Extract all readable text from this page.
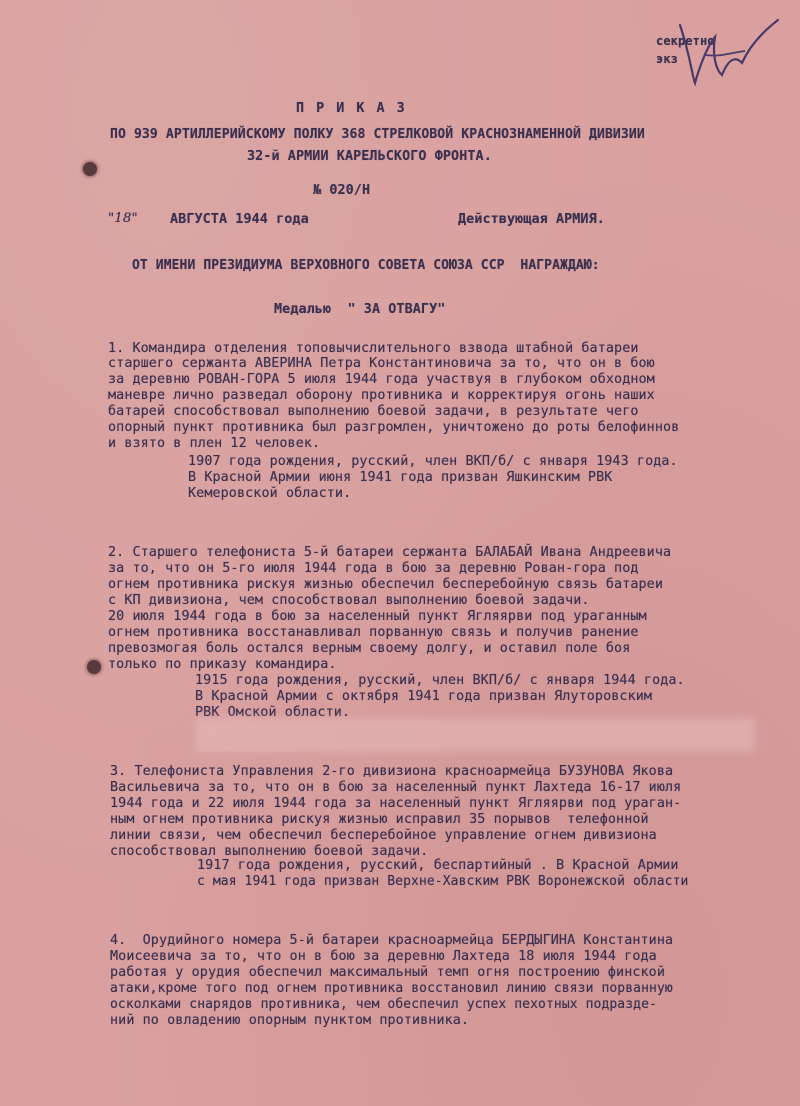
секретно
экз
П Р И К А З
ПО 939 АРТИЛЛЕРИЙСКОМУ ПОЛКУ 368 СТРЕЛКОВОЙ КРАСНОЗНАМЕННОЙ ДИВИЗИИ
32-й АРМИИ КАРЕЛЬСКОГО ФРОНТА.
№ 020/Н
"18" АВГУСТА 1944 года	Действующая АРМИЯ.
ОТ ИМЕНИ ПРЕЗИДИУМА ВЕРХОВНОГО СОВЕТА СОЮЗА ССР  НАГРАЖДАЮ:
Медалью  " ЗА ОТВАГУ"
1. Командира отделения топовычислительного взвода штабной батареи
старшего сержанта АВЕРИНА Петра Константиновича за то, что он в бою
за деревню РОВАН-ГОРА 5 июля 1944 года участвуя в глубоком обходном
маневре лично разведал оборону противника и корректируя огонь наших
батарей способствовал выполнению боевой задачи, в результате чего
опорный пункт противника был разгромлен, уничтожено до роты белофиннов
и взято в плен 12 человек.
1907 года рождения, русский, член ВКП/б/ с января 1943 года.
В Красной Армии июня 1941 года призван Яшкинским РВК
Кемеровской области.
2. Старшего телефониста 5-й батареи сержанта БАЛАБАЙ Ивана Андреевича
за то, что он 5-го июля 1944 года в бою за деревню Рован-гора под
огнем противника рискуя жизнью обеспечил бесперебойную связь батареи
с КП дивизиона, чем способствовал выполнению боевой задачи.
20 июля 1944 года в бою за населенный пункт Ягляярви под ураганным
огнем противника восстанавливал порванную связь и получив ранение
превозмогая боль остался верным своему долгу, и оставил поле боя
только по приказу командира.
1915 года рождения, русский, член ВКП/б/ с января 1944 года.
В Красной Армии с октября 1941 года призван Ялуторовским
РВК Омской области.
3. Телефониста Управления 2-го дивизиона красноармейца БУЗУНОВА Якова
Васильевича за то, что он в бою за населенный пункт Лахтеда 16-17 июля
1944 года и 22 июля 1944 года за населенный пункт Ягляярви под ураган-
ным огнем противника рискуя жизнью исправил 35 порывов  телефонной
линии связи, чем обеспечил бесперебойное управление огнем дивизиона
способствовал выполнению боевой задачи.
1917 года рождения, русский, беспартийный . В Красной Армии
с мая 1941 года призван Верхне-Хавским РВК Воронежской области
4.  Орудийного номера 5-й батареи красноармейца БЕРДЫГИНА Константина
Моисеевича за то, что он в бою за деревню Лахтеда 18 июля 1944 года
работая у орудия обеспечил максимальный темп огня построению финской
атаки,кроме того под огнем противника восстановил линию связи порванную
осколками снарядов противника, чем обеспечил успех пехотных подразде-
ний по овладению опорным пунктом противника.
